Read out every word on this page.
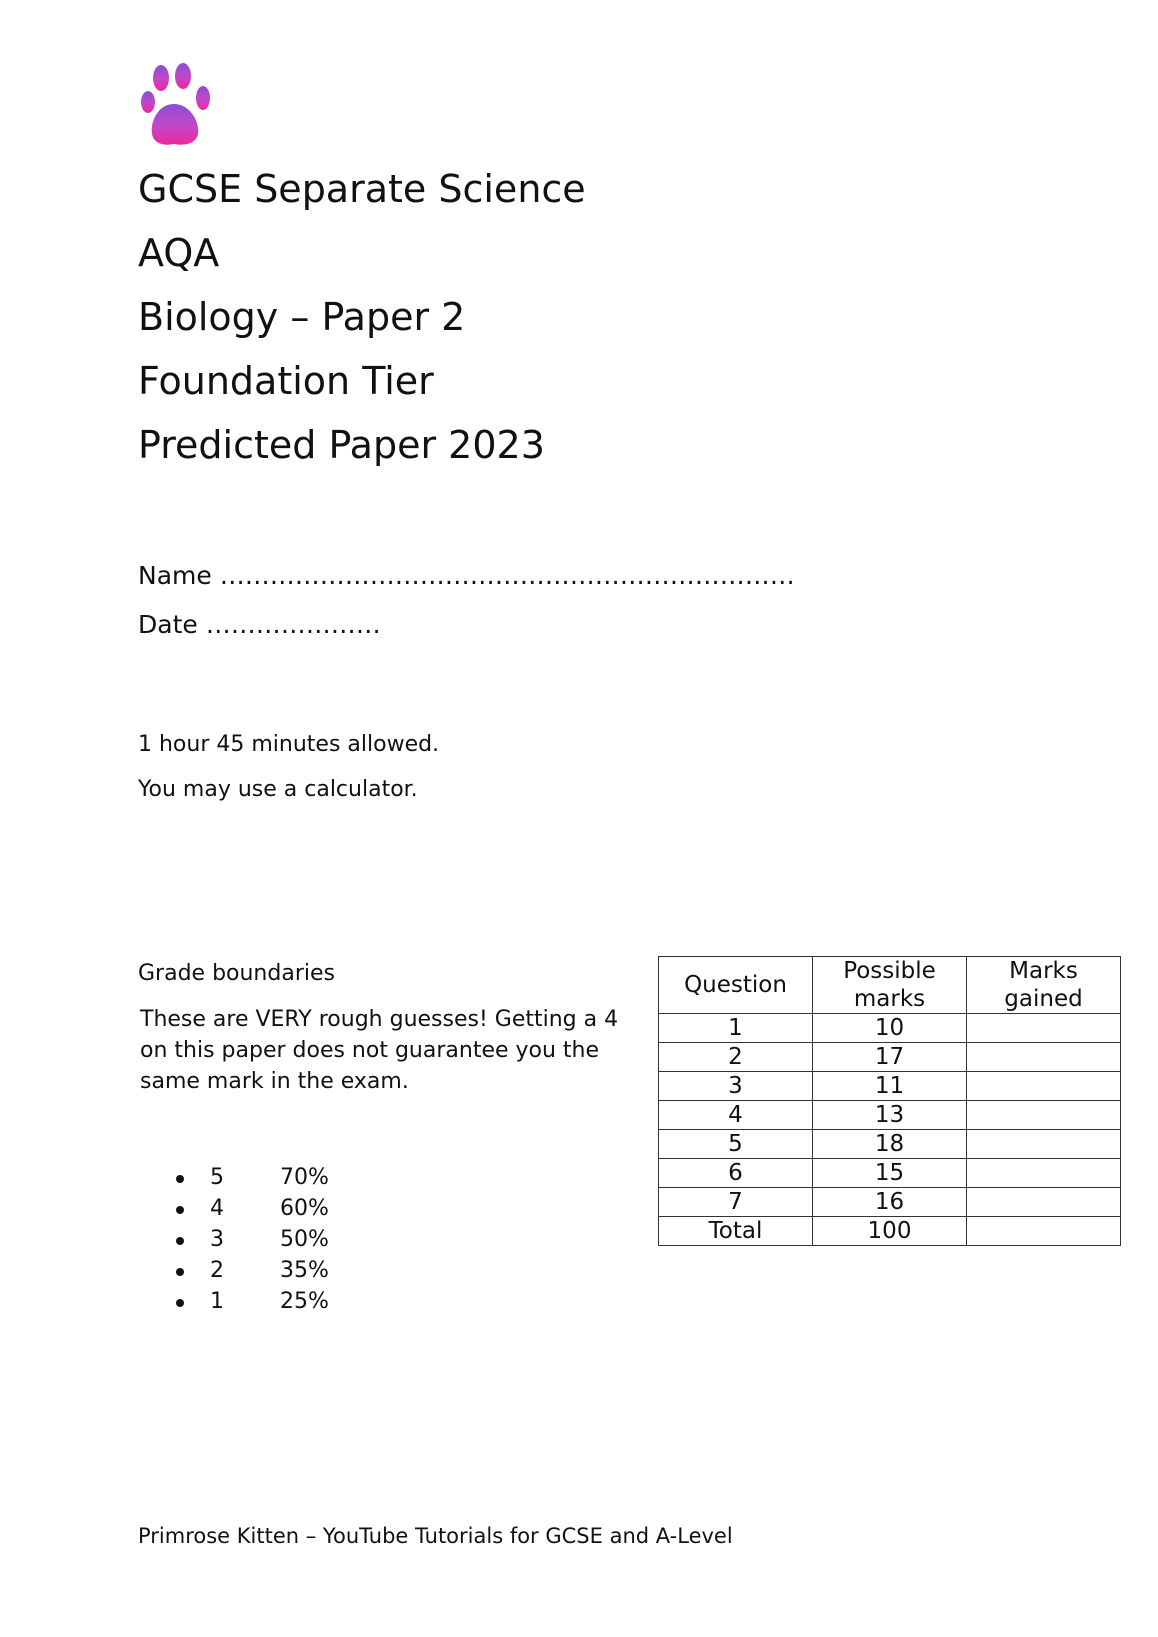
GCSE Separate Science
AQA
Biology – Paper 2
Foundation Tier
Predicted Paper 2023
Name ……………………………………………………………
Date …………………
1 hour 45 minutes allowed.
You may use a calculator.
Grade boundaries
These are VERY rough guesses! Getting a 4 on this paper does not guarantee you the same mark in the exam.
5	70%
4	60%
3	50%
2	35%
1	25%
Question	Possible marks	Marks gained
1	10	
2	17	
3	11	
4	13	
5	18	
6	15	
7	16	
Total	100	
Primrose Kitten – YouTube Tutorials for GCSE and A-Level
